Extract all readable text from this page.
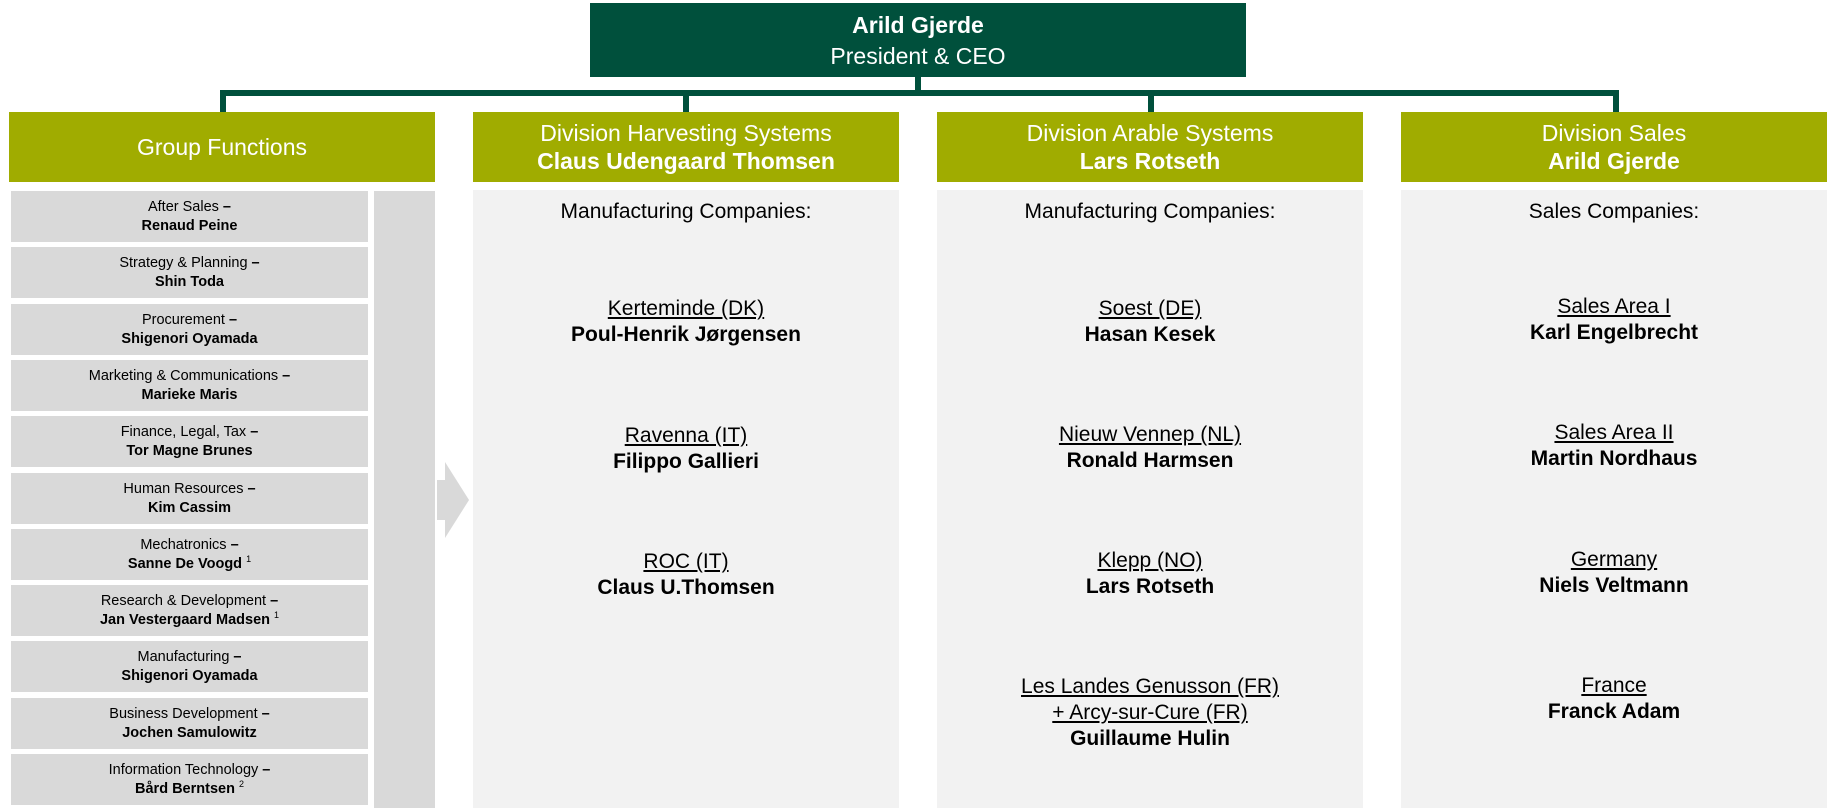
Arild Gjerde
President & CEO
Group Functions
After Sales –
Renaud Peine
Strategy & Planning –
Shin Toda
Procurement –
Shigenori Oyamada
Marketing & Communications –
Marieke Maris
Finance, Legal, Tax –
Tor Magne Brunes
Human Resources –
Kim Cassim
Mechatronics –
Sanne De Voogd $^1$
Research & Development –
Jan Vestergaard Madsen $^1$
Manufacturing –
Shigenori Oyamada
Business Development –
Jochen Samulowitz
Information Technology –
Bård Berntsen $^2$
Division Harvesting Systems
Claus Udengaard Thomsen
Division Arable Systems
Lars Rotseth
Division Sales
Arild Gjerde
Manufacturing Companies:
Kerteminde (DK)
Poul-Henrik Jørgensen
Ravenna (IT)
Filippo Gallieri
ROC (IT)
Claus U.Thomsen
Manufacturing Companies:
Soest (DE)
Hasan Kesek
Nieuw Vennep (NL)
Ronald Harmsen
Klepp (NO)
Lars Rotseth
Les Landes Genusson (FR)
+ Arcy-sur-Cure (FR)
Guillaume Hulin
Sales Companies:
Sales Area I
Karl Engelbrecht
Sales Area II
Martin Nordhaus
Germany
Niels Veltmann
France
Franck Adam
